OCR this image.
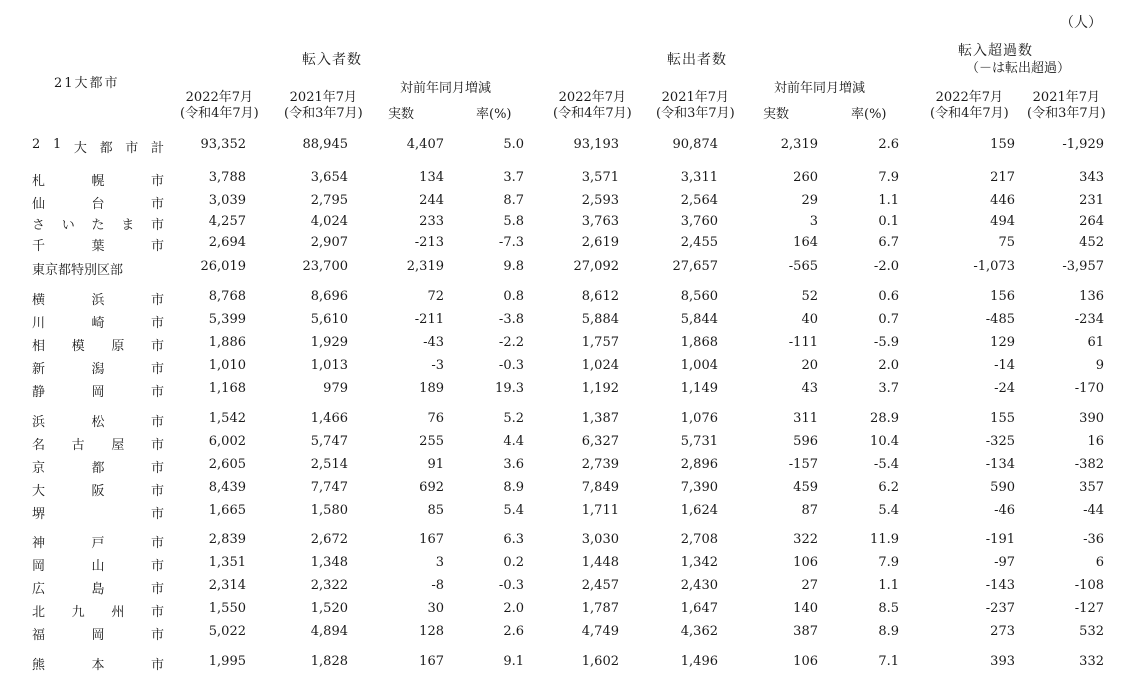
（人）
21大都市
転入者数	転出者数
転入超過数
（－は転出超過）
2022年7月
(令和4年7月)
2021年7月
(令和3年7月)
対前年同月増減
実数	率(%)
2022年7月
(令和4年7月)
2021年7月
(令和3年7月)
対前年同月増減
実数	率(%)
2022年7月
(令和4年7月)
2021年7月
(令和3年7月)
2 1 大 都 市 計	93,352	88,945	4,407	5.0	93,193	90,874	2,319	2.6	159	-1,929
札	幌	市	3,788	3,654	134	3.7	3,571	3,311	260	7.9	217	343
仙	台	市	3,039	2,795	244	8.7	2,593	2,564	29	1.1	446	231
さ い た ま 市	4,257	4,024	233	5.8	3,763	3,760	3	0.1	494	264
千	葉	市	2,694	2,907	-213	-7.3	2,619	2,455	164	6.7	75	452
東京都特別区部	26,019	23,700	2,319	9.8	27,092	27,657	-565	-2.0	-1,073	-3,957
横	浜	市	8,768	8,696	72	0.8	8,612	8,560	52	0.6	156	136
川	崎	市	5,399	5,610	-211	-3.8	5,884	5,844	40	0.7	-485	-234
相 模 原 市	1,886	1,929	-43	-2.2	1,757	1,868	-111	-5.9	129	61
新	潟	市	1,010	1,013	-3	-0.3	1,024	1,004	20	2.0	-14	9
静	岡	市	1,168	979	189	19.3	1,192	1,149	43	3.7	-24	-170
浜	松	市	1,542	1,466	76	5.2	1,387	1,076	311	28.9	155	390
名 古 屋 市	6,002	5,747	255	4.4	6,327	5,731	596	10.4	-325	16
京	都	市	2,605	2,514	91	3.6	2,739	2,896	-157	-5.4	-134	-382
大	阪	市	8,439	7,747	692	8.9	7,849	7,390	459	6.2	590	357
堺	市	1,665	1,580	85	5.4	1,711	1,624	87	5.4	-46	-44
神	戸	市	2,839	2,672	167	6.3	3,030	2,708	322	11.9	-191	-36
岡	山	市	1,351	1,348	3	0.2	1,448	1,342	106	7.9	-97	6
広	島	市	2,314	2,322	-8	-0.3	2,457	2,430	27	1.1	-143	-108
北 九 州 市	1,550	1,520	30	2.0	1,787	1,647	140	8.5	-237	-127
福	岡	市	5,022	4,894	128	2.6	4,749	4,362	387	8.9	273	532
熊	本	市	1,995	1,828	167	9.1	1,602	1,496	106	7.1	393	332
